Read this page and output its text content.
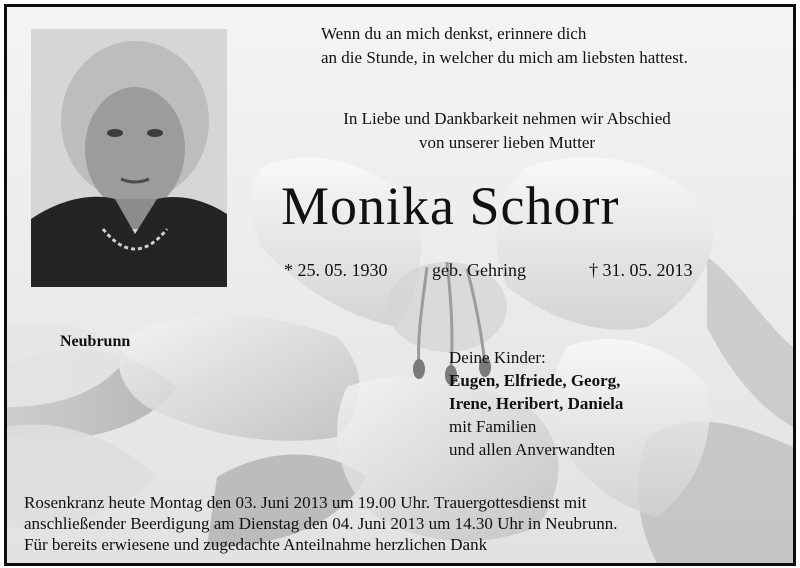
Wenn du an mich denkst, erinnere dich
an die Stunde, in welcher du mich am liebsten hattest.
In Liebe und Dankbarkeit nehmen wir Abschied
von unserer lieben Mutter
Monika Schorr
* 25. 05. 1930 geb. Gehring	† 31. 05. 2013
Neubrunn
Deine Kinder:
Eugen, Elfriede, Georg,
Irene, Heribert, Daniela
mit Familien
und allen Anverwandten
Rosenkranz heute Montag den 03. Juni 2013 um 19.00 Uhr. Trauergottesdienst mit
anschließender Beerdigung am Dienstag den 04. Juni 2013 um 14.30 Uhr in Neubrunn.
Für bereits erwiesene und zugedachte Anteilnahme herzlichen Dank
